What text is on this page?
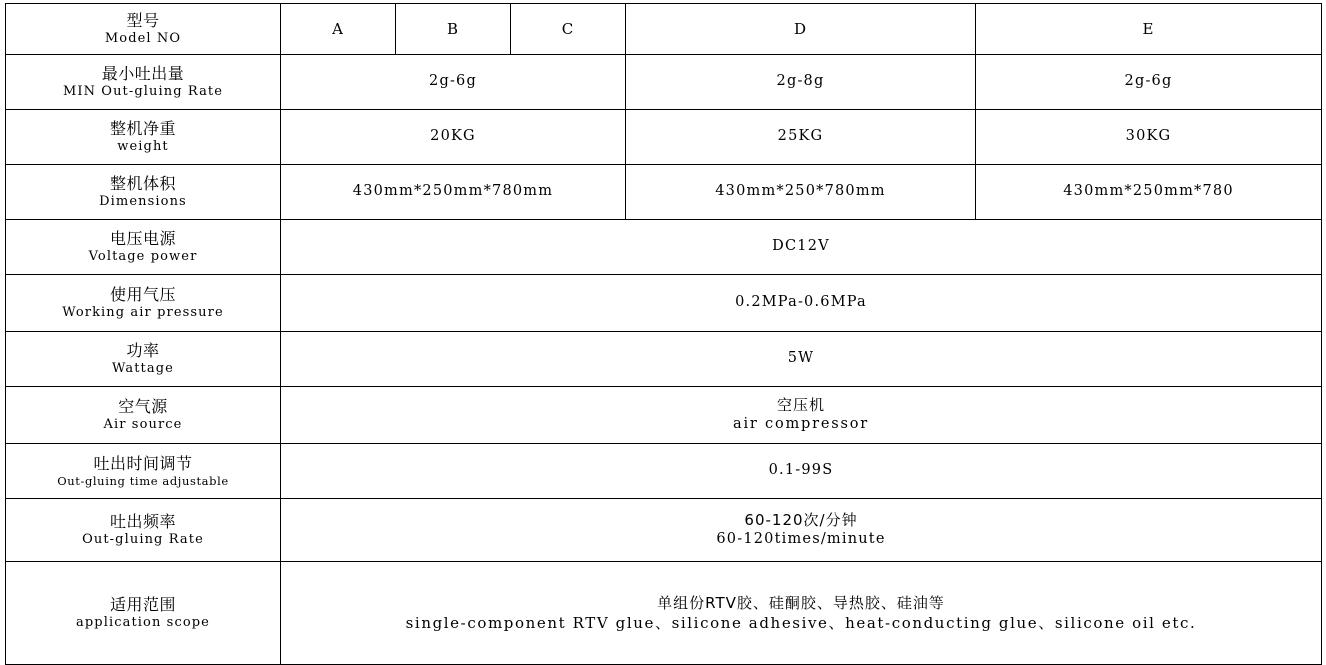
型号
Model NO	A	B	C	D	E

最小吐出量
MIN Out-gluing Rate	2g-6g			2g-8g	2g-6g

整机净重
weight	20KG			25KG	30KG

整机体积
Dimensions	430mm*250mm*780mm			430mm*250*780mm	430mm*250mm*780

电压电源
Voltage power	DC12V				

使用气压
Working air pressure	0.2MPa-0.6MPa				

功率
Wattage	5W				

空气源
Air source	空压机
air compressor				

吐出时间调节
Out-gluing time adjustable	0.1-99S				

吐出频率
Out-gluing Rate	60-120次/分钟
60-120times/minute				

适用范围
application scope	单组份RTV胶、硅酮胶、导热胶、硅油等
single-component RTV glue、silicone adhesive、heat-conducting glue、silicone oil etc.				
